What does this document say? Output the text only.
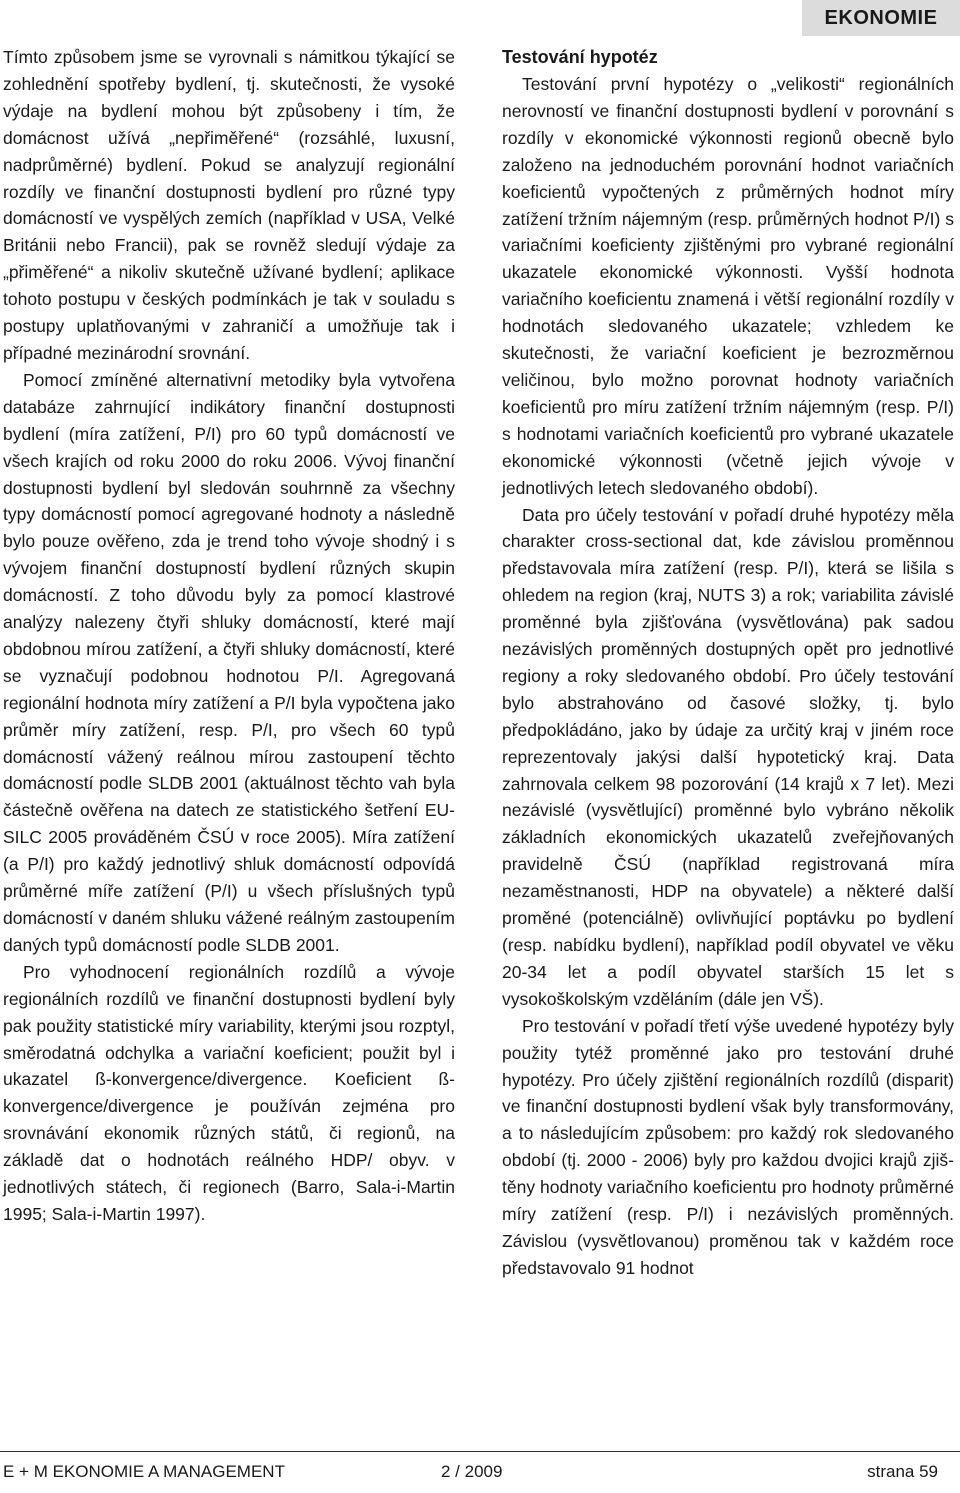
EKONOMIE

Tímto způsobem jsme se vyrovnali s námitkou týkající se zohlednění spotřeby bydlení, tj. skutečnosti, že vysoké výdaje na bydlení mohou být způsobeny i tím, že domácnost užívá „nepřiměřené“ (rozsáhlé, luxusní, nadprůměrné) bydlení. Pokud se analyzují regionální rozdíly ve finanční dostupnosti bydlení pro různé typy domácností ve vyspělých zemích (například v USA, Velké Británii nebo Francii), pak se rovněž sledují výdaje za „přiměřené“ a nikoliv skutečně užívané bydlení; aplikace tohoto postupu v českých podmínkách je tak v souladu s postupy uplatňovanými v zahraničí a umožňuje tak i případné mezinárodní srovnání.

Pomocí zmíněné alternativní metodiky byla vytvořena databáze zahrnující indikátory finanční dostupnosti bydlení (míra zatížení, P/I) pro 60 typů domácností ve všech krajích od roku 2000 do roku 2006. Vývoj finanční dostupnosti bydlení byl sledován souhrnně za všechny typy domácností pomocí agregované hodnoty a následně bylo pouze ověřeno, zda je trend toho vývoje shodný i s vývojem finanční dostupností bydlení různých skupin domácností. Z toho důvodu byly za pomocí klastrové analýzy nalezeny čtyři shluky domácností, které mají obdobnou mírou zatížení, a čtyři shluky domácností, které se vyznačují podobnou hodnotou P/I. Agregovaná regionální hodnota míry zatížení a P/I byla vypočtena jako průměr míry zatížení, resp. P/I, pro všech 60 typů domácností vážený reálnou mírou zastoupení těchto domácností podle SLDB 2001 (aktuálnost těchto vah byla částečně ověřena na datech ze statistického šetření EU-SILC 2005 prováděném ČSÚ v roce 2005). Míra zatížení (a P/I) pro každý jednotlivý shluk domácností odpovídá průměrné míře zatížení (P/I) u všech příslušných typů domácností v daném shluku vážené reálným zastoupením daných typů domácností podle SLDB 2001.

Pro vyhodnocení regionálních rozdílů a vývoje regionálních rozdílů ve finanční dostupnosti bydlení byly pak použity statistické míry variability, kterými jsou rozptyl, směrodatná odchylka a variační koeficient; použit byl i ukazatel ß-konvergence/divergence. Koeficient ß-konvergence/divergence je používán zejména pro srovnávání ekonomik různých států, či regionů, na základě dat o hodnotách reálného HDP/ obyv. v jednotlivých státech, či regionech (Barro, Sala-i-Martin 1995; Sala-i-Martin 1997).

Testování hypotéz

Testování první hypotézy o „velikosti“ regionálních nerovností ve finanční dostupnosti bydlení v porovnání s rozdíly v ekonomické výkonnosti regionů obecně bylo založeno na jednoduchém porovnání hodnot variačních koeficientů vypočtených z průměrných hodnot míry zatížení tržním nájemným (resp. průměrných hodnot P/I) s variačními koeficienty zjištěnými pro vybrané regionální ukazatele ekonomické výkonnosti. Vyšší hodnota variačního koeficientu znamená i větší regionální rozdíly v hodnotách sledovaného ukazatele; vzhledem ke skutečnosti, že variační koeficient je bezrozměrnou veličinou, bylo možno porovnat hodnoty variačních koeficientů pro míru zatížení tržním nájemným (resp. P/I) s hodnotami variačních koeficientů pro vybrané ukazatele ekonomické výkonnosti (včetně jejich vývoje v jednotlivých letech sledovaného období).

Data pro účely testování v pořadí druhé hypotézy měla charakter cross-sectional dat, kde závislou proměnnou představovala míra zatížení (resp. P/I), která se lišila s ohledem na region (kraj, NUTS 3) a rok; variabilita závislé proměnné byla zjišťována (vysvětlována) pak sadou nezávislých proměnných dostupných opět pro jednotlivé regiony a roky sledovaného období. Pro účely testování bylo abstrahováno od časové složky, tj. bylo předpokládáno, jako by údaje za určitý kraj v jiném roce reprezentovaly jakýsi další hypotetický kraj. Data zahrnovala celkem 98 pozorování (14 krajů x 7 let). Mezi nezávislé (vysvětlující) proměnné bylo vybráno několik základních ekonomických ukazatelů zveřejňovaných pravidelně ČSÚ (například registrovaná míra nezaměstnanosti, HDP na obyvatele) a některé další proměné (potenciálně) ovlivňující poptávku po bydlení (resp. nabídku bydlení), například podíl obyvatel ve věku 20-34 let a podíl obyvatel starších 15 let s vysokoškolským vzděláním (dále jen VŠ).

Pro testování v pořadí třetí výše uvedené hypotézy byly použity tytéž proměnné jako pro testování druhé hypotézy. Pro účely zjištění regionálních rozdílů (disparit) ve finanční dostupnosti bydlení však byly transformovány, a to následujícím způsobem: pro každý rok sledovaného období (tj. 2000 - 2006) byly pro každou dvojici krajů zjištěny hodnoty variačního koeficientu pro hodnoty průměrné míry zatížení (resp. P/I) i nezávislých proměnných. Závislou (vysvětlovanou) proměnou tak v každém roce představovalo 91 hodnot

E + M EKONOMIE A MANAGEMENT	2 / 2009	strana 59
